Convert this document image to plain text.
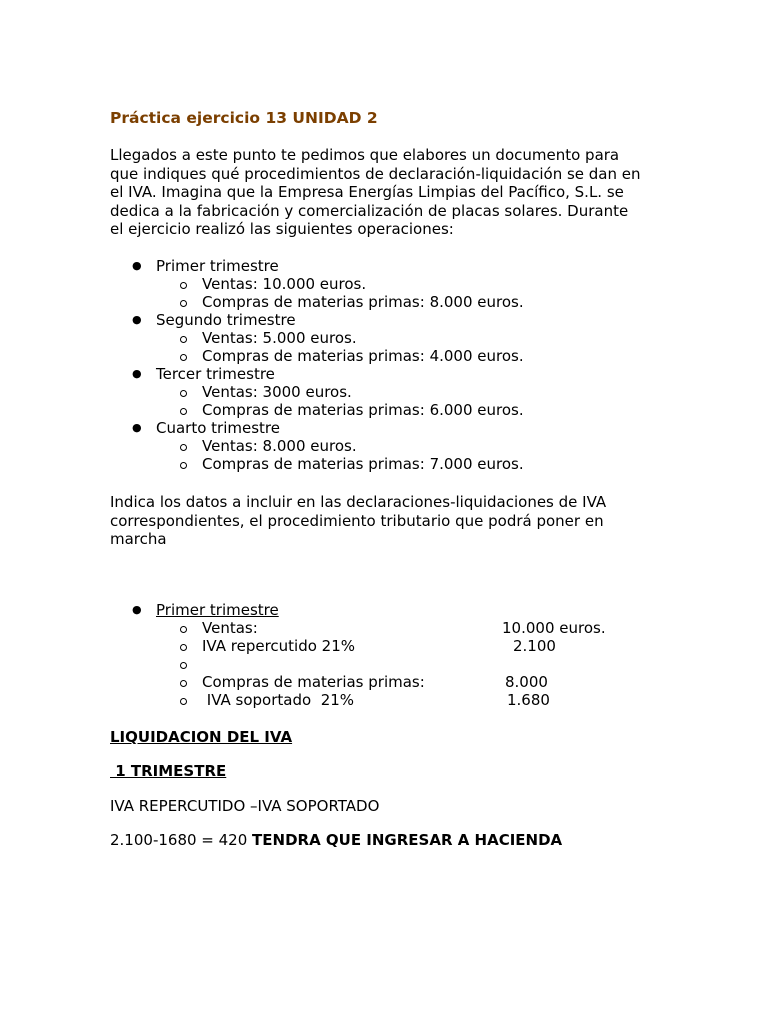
Práctica ejercicio 13 UNIDAD 2
Llegados a este punto te pedimos que elabores un documento para
que indiques qué procedimientos de declaración-liquidación se dan en
el IVA. Imagina que la Empresa Energías Limpias del Pacífico, S.L. se
dedica a la fabricación y comercialización de placas solares. Durante
el ejercicio realizó las siguientes operaciones:
● Primer trimestre
Ventas: 10.000 euros.
Compras de materias primas: 8.000 euros.
● Segundo trimestre
Ventas: 5.000 euros.
Compras de materias primas: 4.000 euros.
● Tercer trimestre
Ventas: 3000 euros.
Compras de materias primas: 6.000 euros.
● Cuarto trimestre
Ventas: 8.000 euros.
Compras de materias primas: 7.000 euros.
Indica los datos a incluir en las declaraciones-liquidaciones de IVA
correspondientes, el procedimiento tributario que podrá poner en
marcha
● Primer trimestre
Ventas:	10.000 euros.
IVA repercutido 21%	2.100
Compras de materias primas:	8.000
IVA soportado  21%	1.680
LIQUIDACION DEL IVA
1 TRIMESTRE
IVA REPERCUTIDO –IVA SOPORTADO
2.100-1680 = 420 TENDRA QUE INGRESAR A HACIENDA
